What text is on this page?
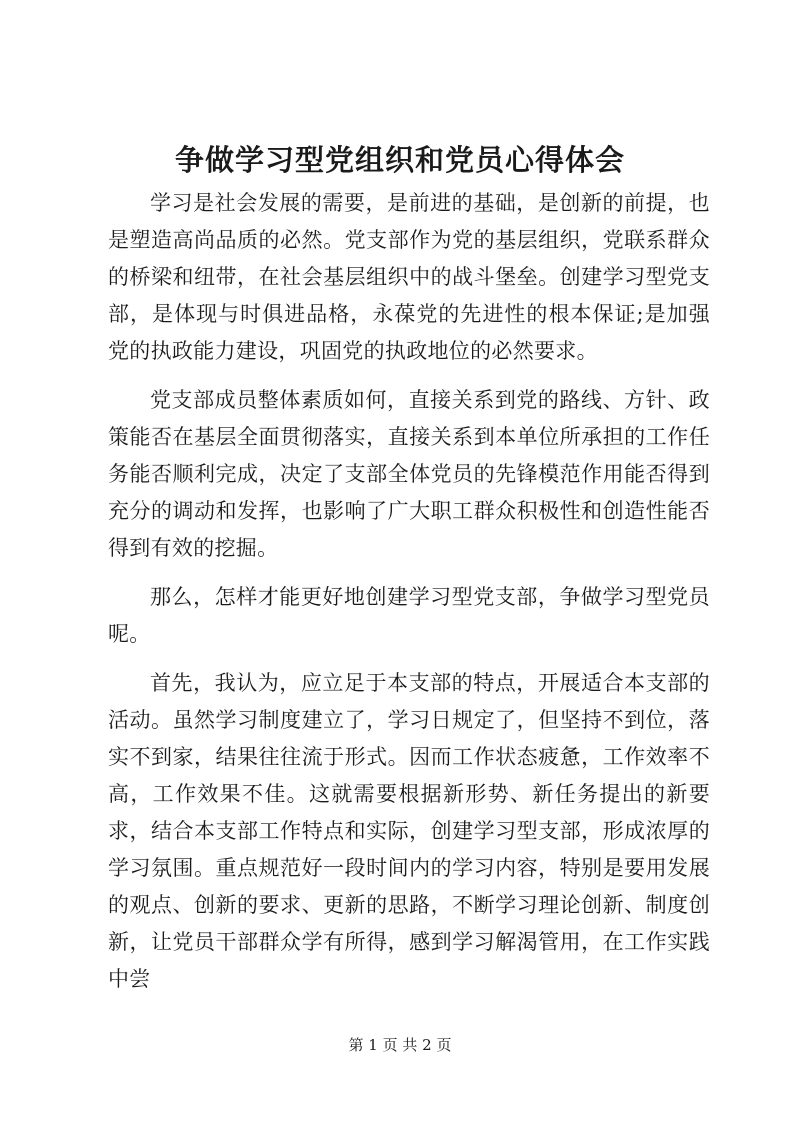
争做学习型党组织和党员心得体会

学习是社会发展的需要，是前进的基础，是创新的前提，也是塑造高尚品质的必然。党支部作为党的基层组织，党联系群众的桥梁和纽带，在社会基层组织中的战斗堡垒。创建学习型党支部，是体现与时俱进品格，永葆党的先进性的根本保证;是加强党的执政能力建设，巩固党的执政地位的必然要求。

党支部成员整体素质如何，直接关系到党的路线、方针、政策能否在基层全面贯彻落实，直接关系到本单位所承担的工作任务能否顺利完成，决定了支部全体党员的先锋模范作用能否得到充分的调动和发挥，也影响了广大职工群众积极性和创造性能否得到有效的挖掘。

那么，怎样才能更好地创建学习型党支部，争做学习型党员呢。

首先，我认为，应立足于本支部的特点，开展适合本支部的活动。虽然学习制度建立了，学习日规定了，但坚持不到位，落实不到家，结果往往流于形式。因而工作状态疲惫，工作效率不高，工作效果不佳。这就需要根据新形势、新任务提出的新要求，结合本支部工作特点和实际，创建学习型支部，形成浓厚的学习氛围。重点规范好一段时间内的学习内容，特别是要用发展的观点、创新的要求、更新的思路，不断学习理论创新、制度创新，让党员干部群众学有所得，感到学习解渴管用，在工作实践中尝

第 1 页 共 2 页
